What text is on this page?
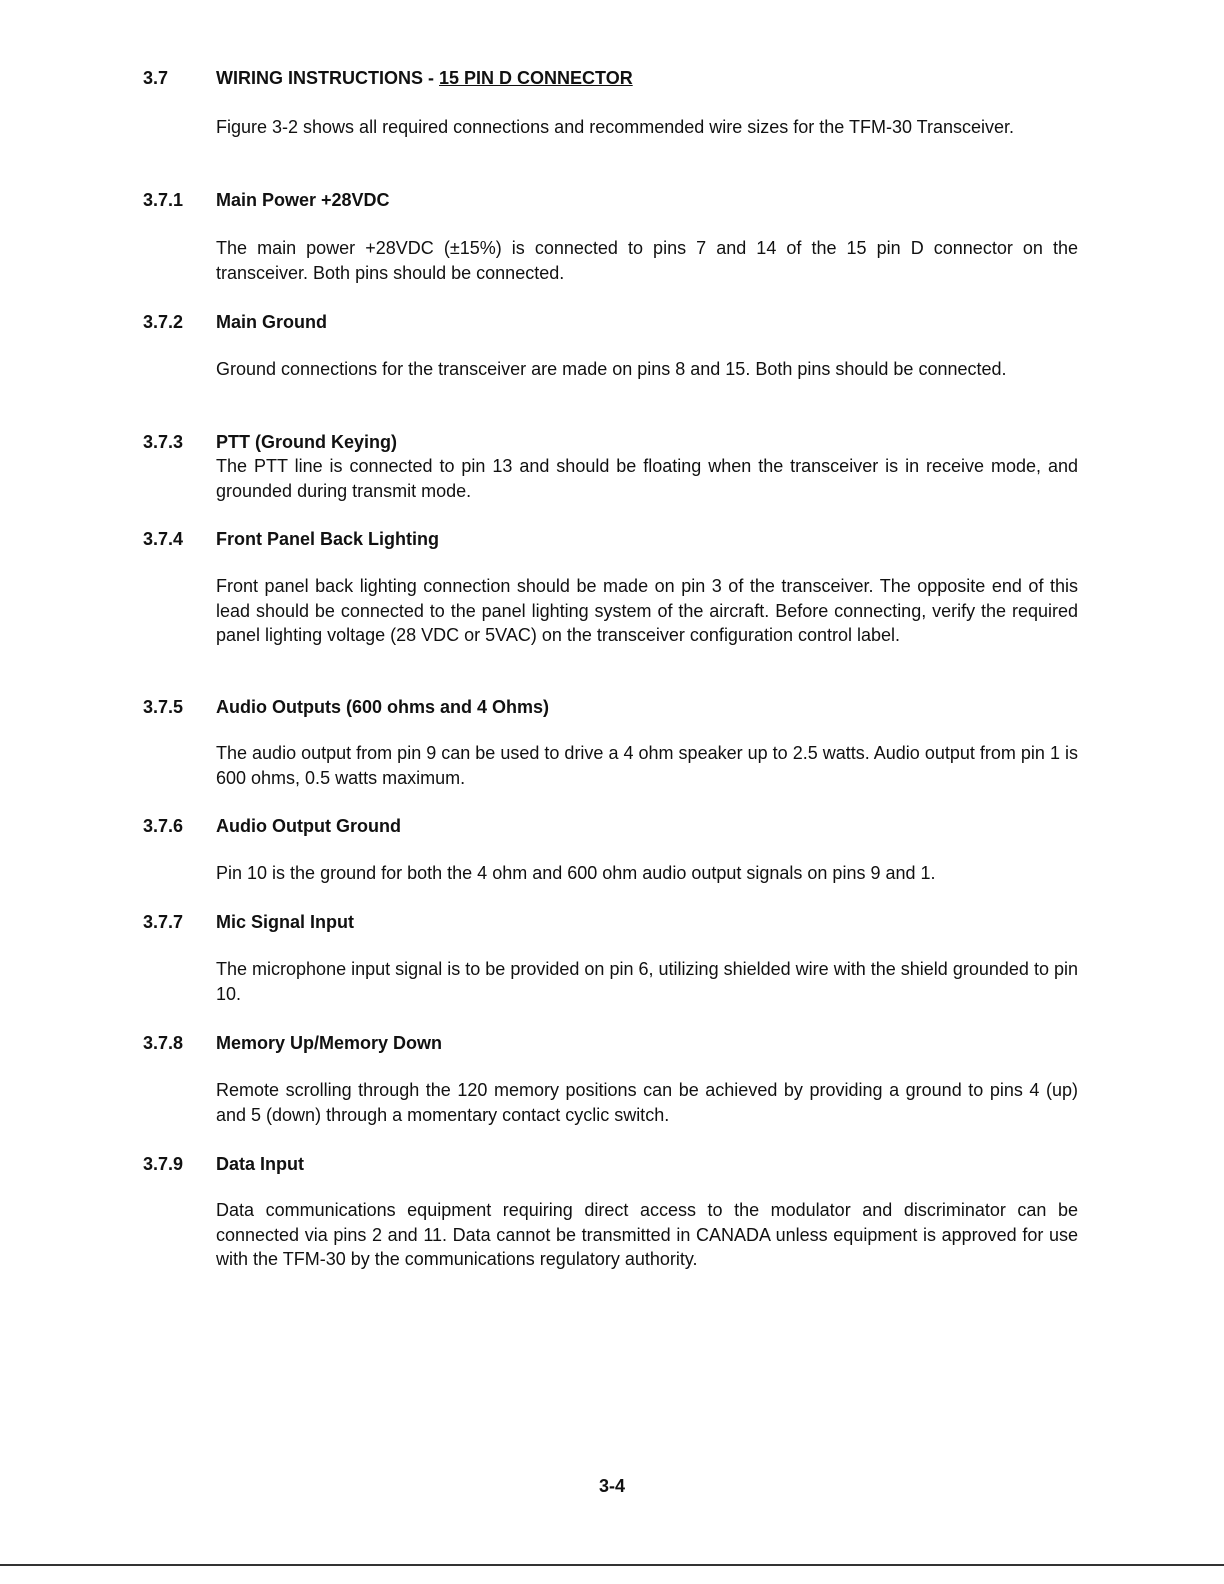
3.7	WIRING INSTRUCTIONS - 15 PIN D CONNECTOR

Figure 3-2 shows all required connections and recommended wire sizes for the TFM-30 Transceiver.

3.7.1 Main Power +28VDC

The main power +28VDC (±15%) is connected to pins 7 and 14 of the 15 pin D connector on the transceiver. Both pins should be connected.

3.7.2 Main Ground

Ground connections for the transceiver are made on pins 8 and 15. Both pins should be connected.

3.7.3 PTT (Ground Keying)

The PTT line is connected to pin 13 and should be floating when the transceiver is in receive mode, and grounded during transmit mode.

3.7.4 Front Panel Back Lighting

Front panel back lighting connection should be made on pin 3 of the transceiver. The opposite end of this lead should be connected to the panel lighting system of the aircraft. Before connecting, verify the required panel lighting voltage (28 VDC or 5VAC) on the transceiver configuration control label.

3.7.5 Audio Outputs (600 ohms and 4 Ohms)

The audio output from pin 9 can be used to drive a 4 ohm speaker up to 2.5 watts. Audio output from pin 1 is 600 ohms, 0.5 watts maximum.

3.7.6 Audio Output Ground

Pin 10 is the ground for both the 4 ohm and 600 ohm audio output signals on pins 9 and 1.

3.7.7 Mic Signal Input

The microphone input signal is to be provided on pin 6, utilizing shielded wire with the shield grounded to pin 10.

3.7.8 Memory Up/Memory Down

Remote scrolling through the 120 memory positions can be achieved by providing a ground to pins 4 (up) and 5 (down) through a momentary contact cyclic switch.

3.7.9 Data Input

Data communications equipment requiring direct access to the modulator and discriminator can be connected via pins 2 and 11. Data cannot be transmitted in CANADA unless equipment is approved for use with the TFM-30 by the communications regulatory authority.

3-4
